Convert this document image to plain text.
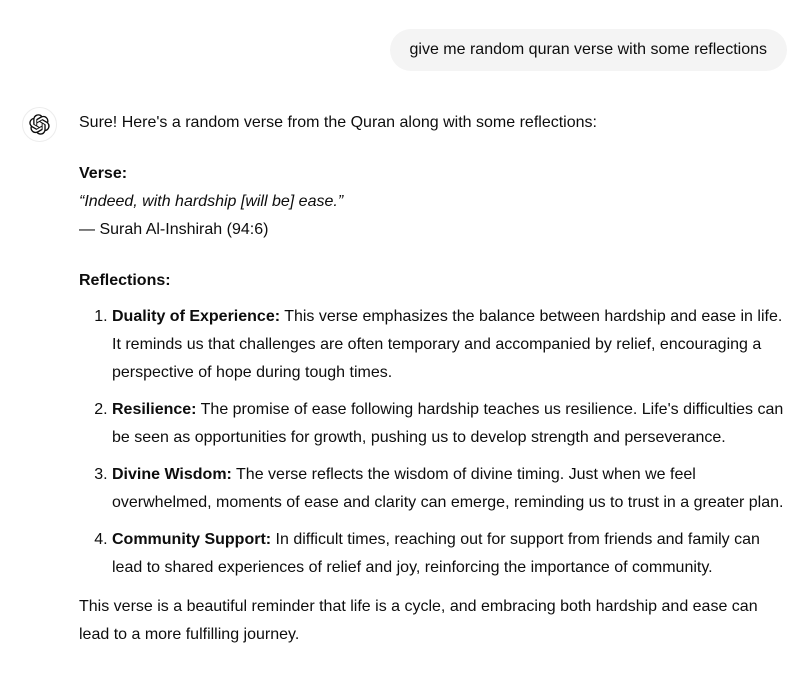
give me random quran verse with some reflections

Sure! Here's a random verse from the Quran along with some reflections:

Verse:
“Indeed, with hardship [will be] ease.”
— Surah Al-Inshirah (94:6)

Reflections:

1. Duality of Experience: This verse emphasizes the balance between hardship and ease in life. It reminds us that challenges are often temporary and accompanied by relief, encouraging a perspective of hope during tough times.
2. Resilience: The promise of ease following hardship teaches us resilience. Life's difficulties can be seen as opportunities for growth, pushing us to develop strength and perseverance.
3. Divine Wisdom: The verse reflects the wisdom of divine timing. Just when we feel overwhelmed, moments of ease and clarity can emerge, reminding us to trust in a greater plan.
4. Community Support: In difficult times, reaching out for support from friends and family can lead to shared experiences of relief and joy, reinforcing the importance of community.

This verse is a beautiful reminder that life is a cycle, and embracing both hardship and ease can lead to a more fulfilling journey.
